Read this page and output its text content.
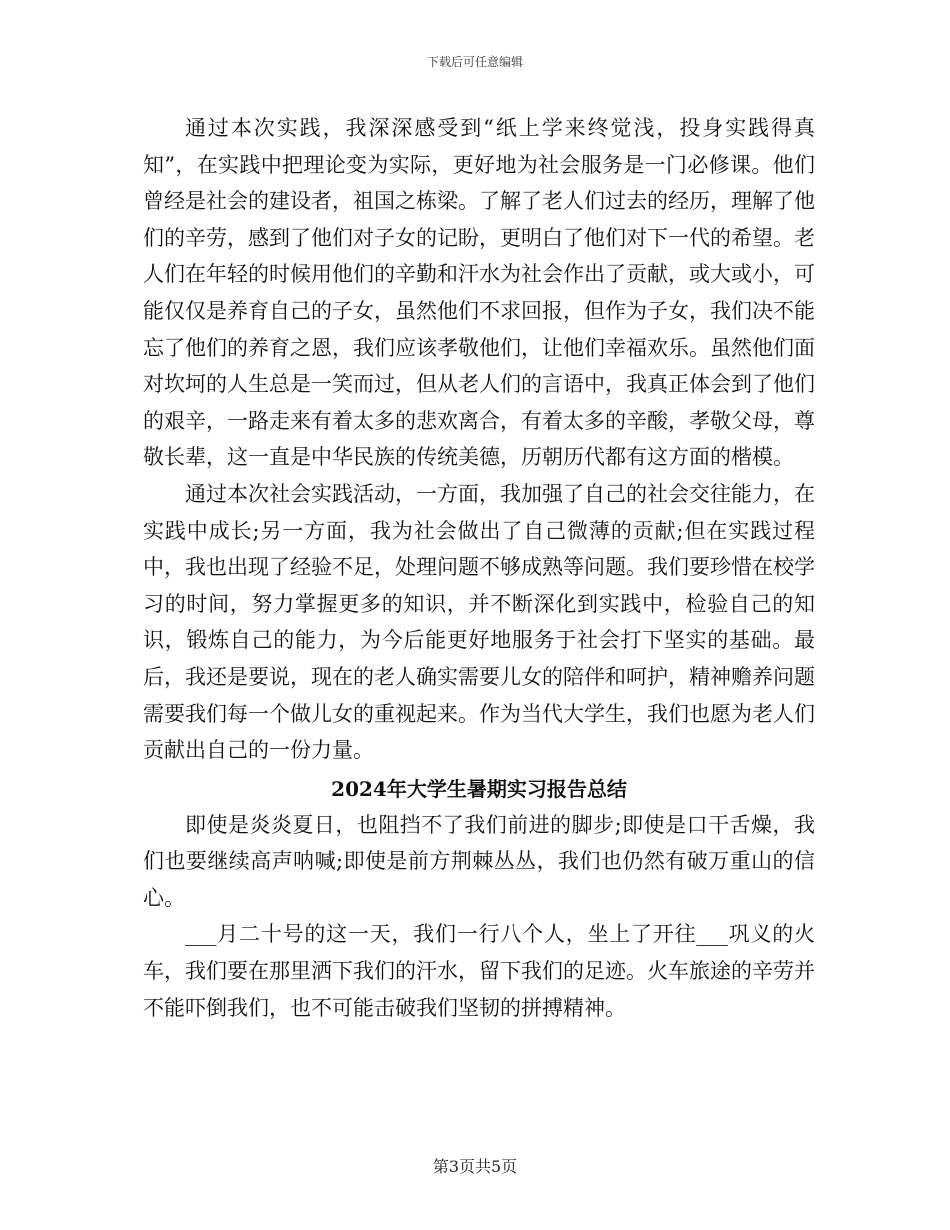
下载后可任意编辑

通过本次实践，我深深感受到“纸上学来终觉浅，投身实践得真知”，在实践中把理论变为实际，更好地为社会服务是一门必修课。他们曾经是社会的建设者，祖国之栋梁。了解了老人们过去的经历，理解了他们的辛劳，感到了他们对子女的记盼，更明白了他们对下一代的希望。老人们在年轻的时候用他们的辛勤和汗水为社会作出了贡献，或大或小，可能仅仅是养育自己的子女，虽然他们不求回报，但作为子女，我们决不能忘了他们的养育之恩，我们应该孝敬他们，让他们幸福欢乐。虽然他们面对坎坷的人生总是一笑而过，但从老人们的言语中，我真正体会到了他们的艰辛，一路走来有着太多的悲欢离合，有着太多的辛酸，孝敬父母，尊敬长辈，这一直是中华民族的传统美德，历朝历代都有这方面的楷模。

通过本次社会实践活动，一方面，我加强了自己的社会交往能力，在实践中成长;另一方面，我为社会做出了自己微薄的贡献;但在实践过程中，我也出现了经验不足，处理问题不够成熟等问题。我们要珍惜在校学习的时间，努力掌握更多的知识，并不断深化到实践中，检验自己的知识，锻炼自己的能力，为今后能更好地服务于社会打下坚实的基础。最后，我还是要说，现在的老人确实需要儿女的陪伴和呵护，精神赡养问题需要我们每一个做儿女的重视起来。作为当代大学生，我们也愿为老人们贡献出自己的一份力量。

2024年大学生暑期实习报告总结

即使是炎炎夏日，也阻挡不了我们前进的脚步;即使是口干舌燥，我们也要继续高声呐喊;即使是前方荆棘丛丛，我们也仍然有破万重山的信心。

___月二十号的这一天，我们一行八个人，坐上了开往___巩义的火车，我们要在那里洒下我们的汗水，留下我们的足迹。火车旅途的辛劳并不能吓倒我们，也不可能击破我们坚韧的拼搏精神。

第3页共5页
